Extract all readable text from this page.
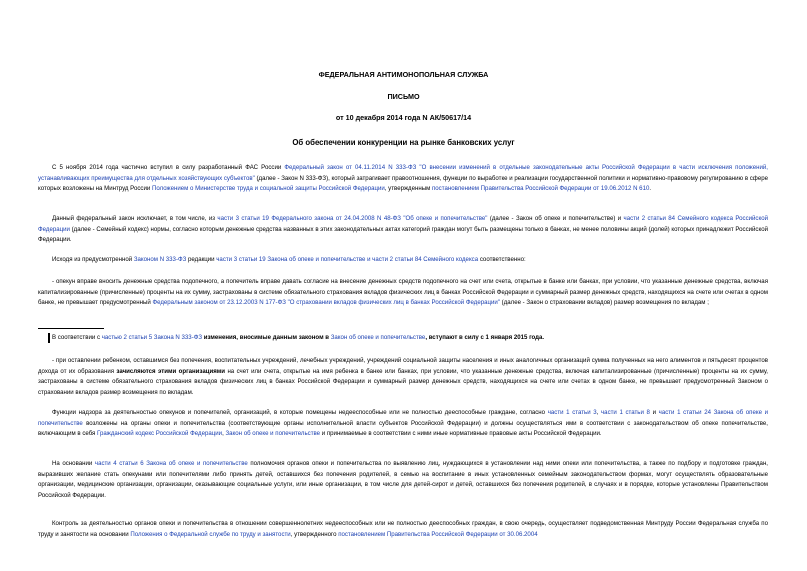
ФЕДЕРАЛЬНАЯ АНТИМОНОПОЛЬНАЯ СЛУЖБА
ПИСЬМО
от 10 декабря 2014 года N АК/50617/14
Об обеспечении конкуренции на рынке банковских услуг

С 5 ноября 2014 года частично вступил в силу разработанный ФАС России Федеральный закон от 04.11.2014 N 333-ФЗ "О внесении изменений в отдельные законодательные акты Российской Федерации в части исключения положений, устанавливающих преимущества для отдельных хозяйствующих субъектов" (далее - Закон N 333-ФЗ), который затрагивает правоотношения, функции по выработке и реализации государственной политики и нормативно-правовому регулированию в сфере которых возложены на Минтруд России Положением о Министерстве труда и социальной защиты Российской Федерации, утвержденным постановлением Правительства Российской Федерации от 19.06.2012 N 610.

Данный федеральный закон исключает, в том числе, из части 3 статьи 19 Федерального закона от 24.04.2008 N 48-ФЗ "Об опеке и попечительстве" (далее - Закон об опеке и попечительстве) и части 2 статьи 84 Семейного кодекса Российской Федерации (далее - Семейный кодекс) нормы, согласно которым денежные средства названных в этих законодательных актах категорий граждан могут быть размещены только в банках, не менее половины акций (долей) которых принадлежит Российской Федерации.

Исходя из предусмотренной Законом N 333-ФЗ редакции части 3 статьи 19 Закона об опеке и попечительстве и части 2 статьи 84 Семейного кодекса соответственно:

- опекун вправе вносить денежные средства подопечного, а попечитель вправе давать согласие на внесение денежных средств подопечного на счет или счета, открытые в банке или банках, при условии, что указанные денежные средства, включая капитализированные (причисленные) проценты на их сумму, застрахованы в системе обязательного страхования вкладов физических лиц в банках Российской Федерации и суммарный размер денежных средств, находящихся на счете или счетах в одном банке, не превышает предусмотренный Федеральным законом от 23.12.2003 N 177-ФЗ "О страховании вкладов физических лиц в банках Российской Федерации" (далее - Закон о страховании вкладов) размер возмещения по вкладам ;

В соответствии с частью 2 статьи 5 Закона N 333-ФЗ изменения, вносимые данным законом в Закон об опеке и попечительстве, вступают в силу с 1 января 2015 года.

- при оставлении ребенком, оставшимся без попечения, воспитательных учреждений, лечебных учреждений, учреждений социальной защиты населения и иных аналогичных организаций сумма полученных на него алиментов и пятьдесят процентов дохода от их образования зачисляются этими организациями на счет или счета, открытые на имя ребенка в банке или банках, при условии, что указанные денежные средства, включая капитализированные (причисленные) проценты на их сумму, застрахованы в системе обязательного страхования вкладов физических лиц в банках Российской Федерации и суммарный размер денежных средств, находящихся на счете или счетах в одном банке, не превышает предусмотренный Законом о страховании вкладов размер возмещения по вкладам.

Функции надзора за деятельностью опекунов и попечителей, организаций, в которые помещены недееспособные или не полностью дееспособные граждане, согласно части 1 статьи 3, части 1 статьи 8 и части 1 статьи 24 Закона об опеке и попечительстве возложены на органы опеки и попечительства (соответствующие органы исполнительной власти субъектов Российской Федерации) и должны осуществляться ими в соответствии с законодательством об опеке попечительстве, включающим в себя Гражданский кодекс Российской Федерации, Закон об опеке и попечительстве и принимаемые в соответствии с ними иные нормативные правовые акты Российской Федерации.

На основании части 4 статьи 6 Закона об опеке и попечительстве полномочия органов опеки и попечительства по выявлению лиц, нуждающихся в установлении над ними опеки или попечительства, а также по подбору и подготовке граждан, выразивших желание стать опекунами или попечителями либо принять детей, оставшихся без попечения родителей, в семью на воспитание в иных установленных семейным законодательством формах, могут осуществлять образовательные организации, медицинские организации, организации, оказывающие социальные услуги, или иные организации, в том числе для детей-сирот и детей, оставшихся без попечения родителей, в случаях и в порядке, которые установлены Правительством Российской Федерации.

Контроль за деятельностью органов опеки и попечительства в отношении совершеннолетних недееспособных или не полностью дееспособных граждан, в свою очередь, осуществляет подведомственная Минтруду России Федеральная служба по труду и занятости на основании Положения о Федеральной службе по труду и занятости, утвержденного постановлением Правительства Российской Федерации от 30.06.2004
